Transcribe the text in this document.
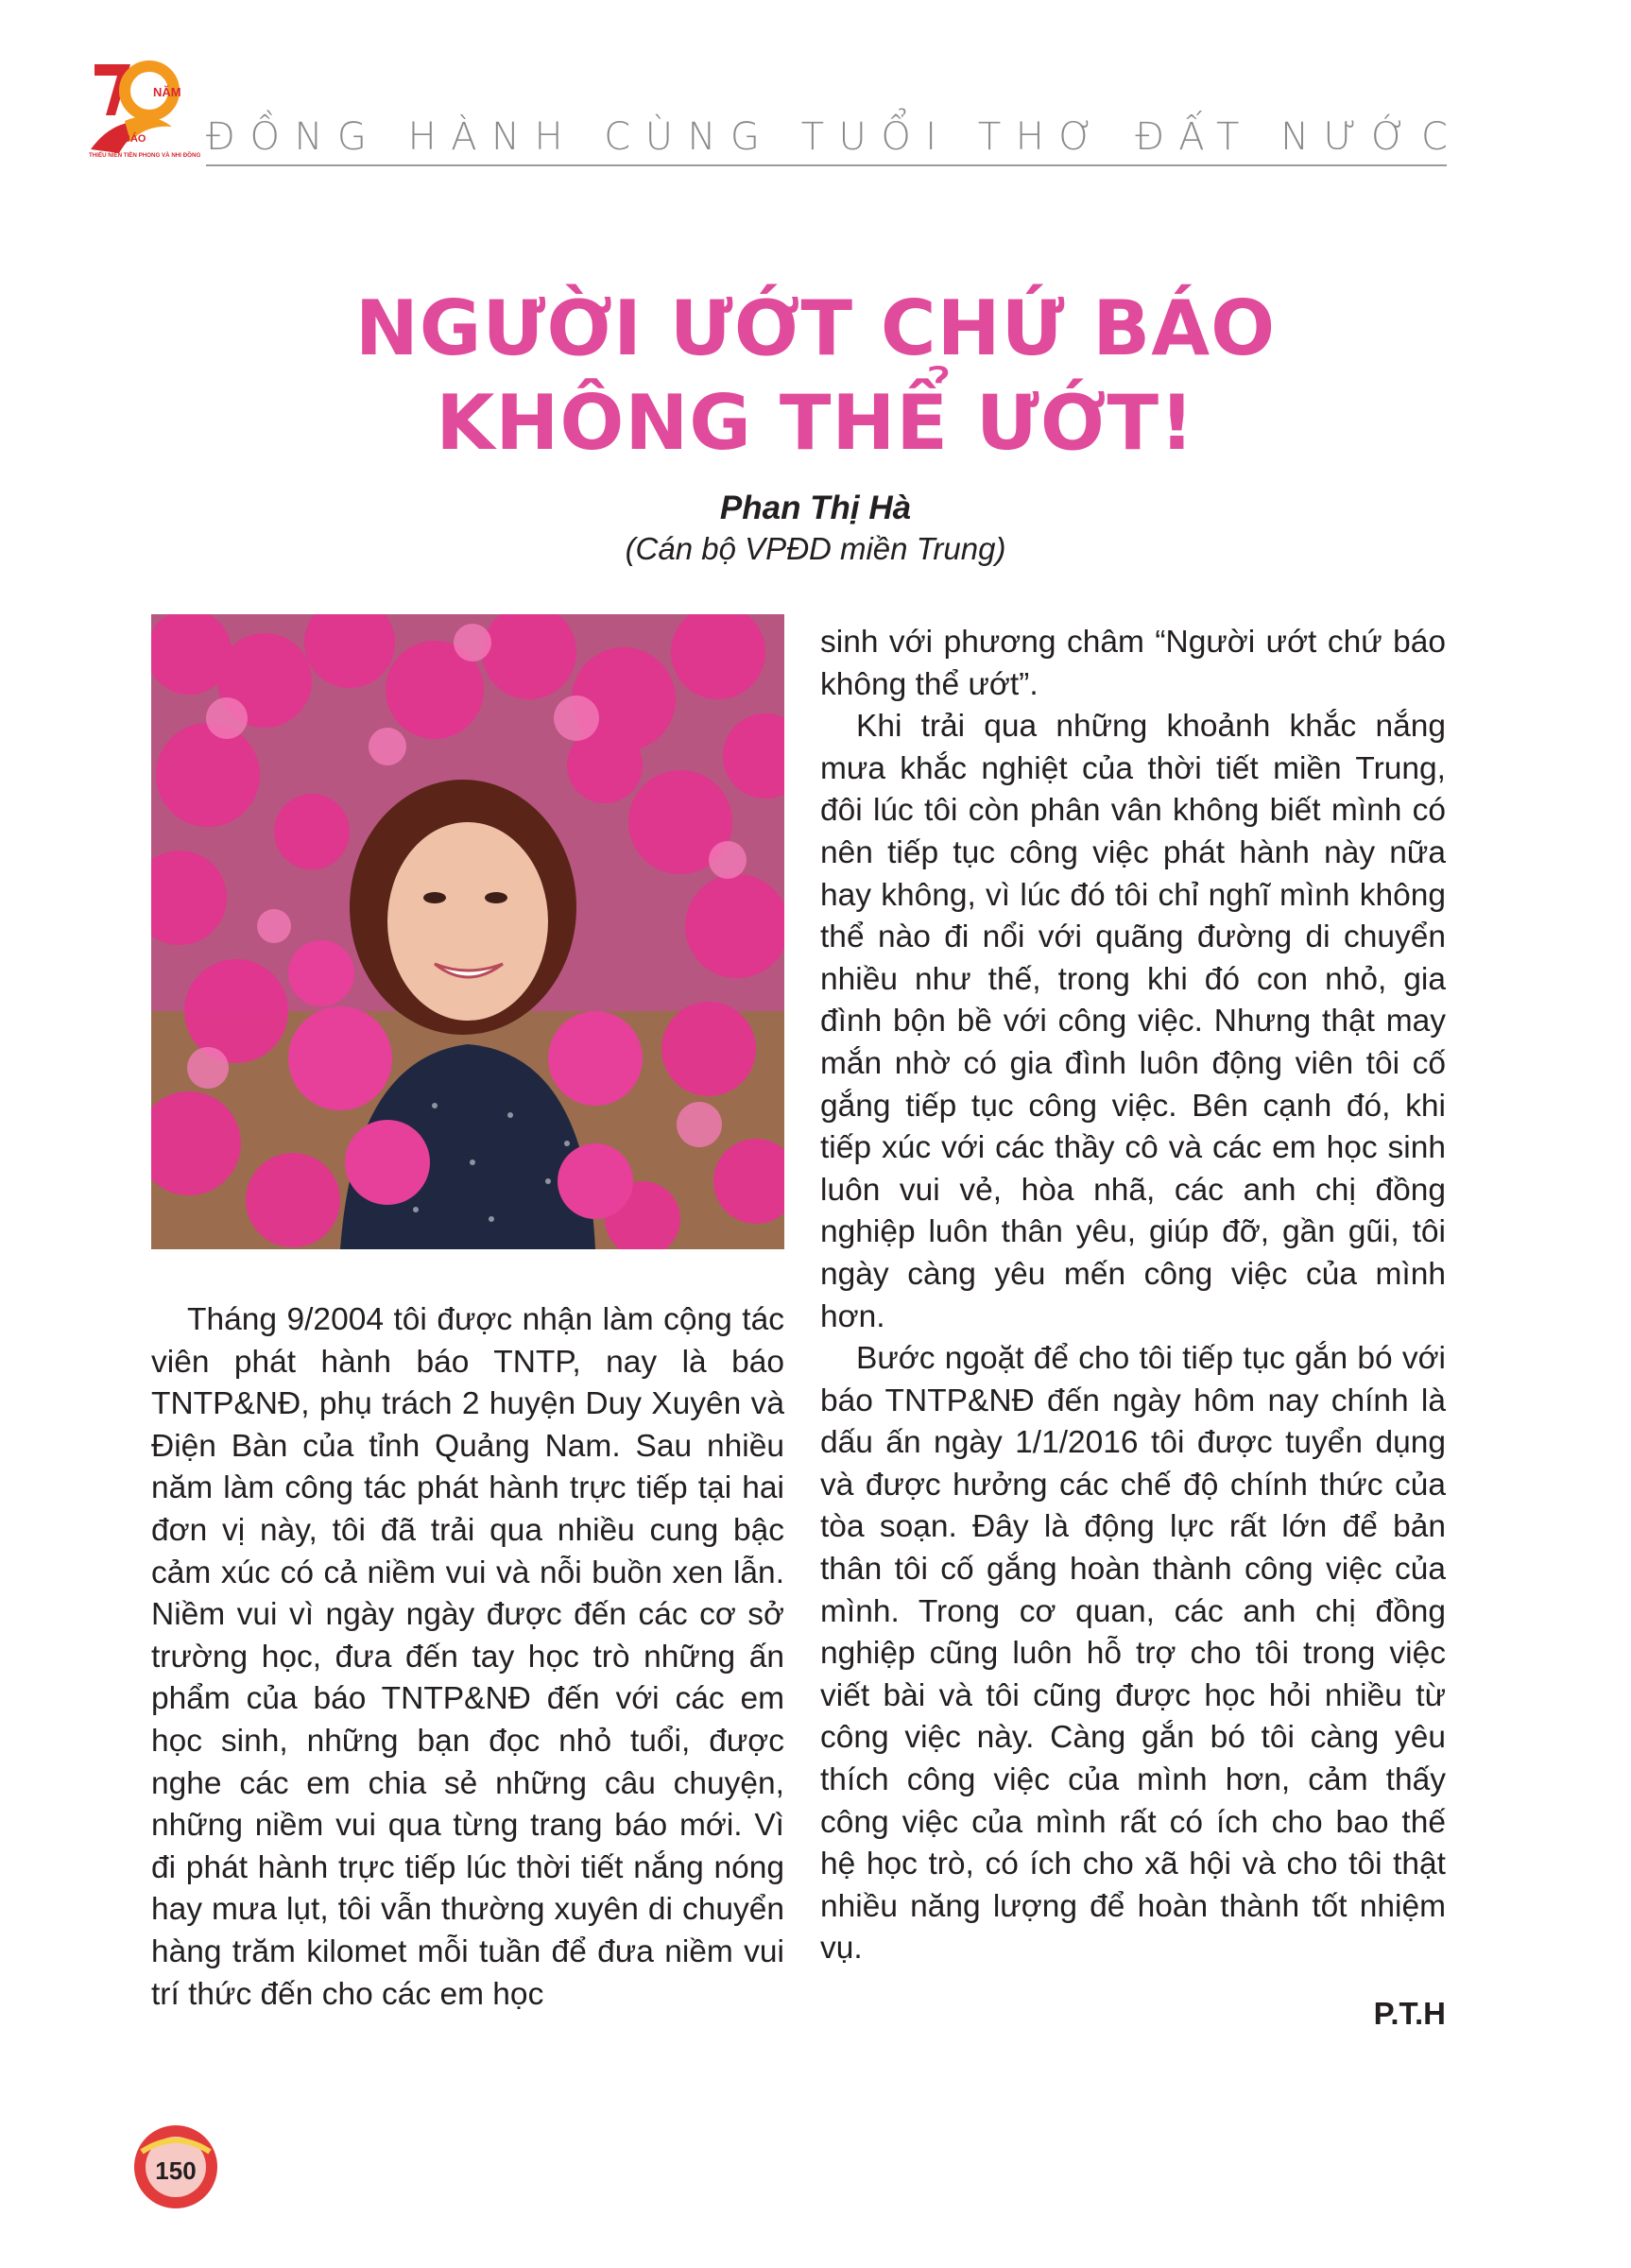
NĂM
BÁO
THIẾU NIÊN TIỀN PHONG VÀ NHI ĐỒNG ĐỒNG HÀNH CÙNG TUỔI THƠ ĐẤT NƯỚC
NGƯỜI ƯỚT CHỨ BÁO
KHÔNG THỂ ƯỚT!
Phan Thị Hà
(Cán bộ VPĐD miền Trung)

Tháng 9/2004 tôi được nhận làm cộng tác viên phát hành báo TNTP, nay là báo TNTP&NĐ, phụ trách 2 huyện Duy Xuyên và Điện Bàn của tỉnh Quảng Nam. Sau nhiều năm làm công tác phát hành trực tiếp tại hai đơn vị này, tôi đã trải qua nhiều cung bậc cảm xúc có cả niềm vui và nỗi buồn xen lẫn. Niềm vui vì ngày ngày được đến các cơ sở trường học, đưa đến tay học trò những ấn phẩm của báo TNTP&NĐ đến với các em học sinh, những bạn đọc nhỏ tuổi, được nghe các em chia sẻ những câu chuyện, những niềm vui qua từng trang báo mới. Vì đi phát hành trực tiếp lúc thời tiết nắng nóng hay mưa lụt, tôi vẫn thường xuyên di chuyển hàng trăm kilomet mỗi tuần để đưa niềm vui trí thức đến cho các em học

sinh với phương châm “Người ướt chứ báo không thể ướt”.

Khi trải qua những khoảnh khắc nắng mưa khắc nghiệt của thời tiết miền Trung, đôi lúc tôi còn phân vân không biết mình có nên tiếp tục công việc phát hành này nữa hay không, vì lúc đó tôi chỉ nghĩ mình không thể nào đi nổi với quãng đường di chuyển nhiều như thế, trong khi đó con nhỏ, gia đình bộn bề với công việc. Nhưng thật may mắn nhờ có gia đình luôn động viên tôi cố gắng tiếp tục công việc. Bên cạnh đó, khi tiếp xúc với các thầy cô và các em học sinh luôn vui vẻ, hòa nhã, các anh chị đồng nghiệp luôn thân yêu, giúp đỡ, gần gũi, tôi ngày càng yêu mến công việc của mình hơn.

Bước ngoặt để cho tôi tiếp tục gắn bó với báo TNTP&NĐ đến ngày hôm nay chính là dấu ấn ngày 1/1/2016 tôi được tuyển dụng và được hưởng các chế độ chính thức của tòa soạn. Đây là động lực rất lớn để bản thân tôi cố gắng hoàn thành công việc của mình. Trong cơ quan, các anh chị đồng nghiệp cũng luôn hỗ trợ cho tôi trong việc viết bài và tôi cũng được học hỏi nhiều từ công việc này. Càng gắn bó tôi càng yêu thích công việc của mình hơn, cảm thấy công việc của mình rất có ích cho bao thế hệ học trò, có ích cho xã hội và cho tôi thật nhiều năng lượng để hoàn thành tốt nhiệm vụ.

P.T.H
150
